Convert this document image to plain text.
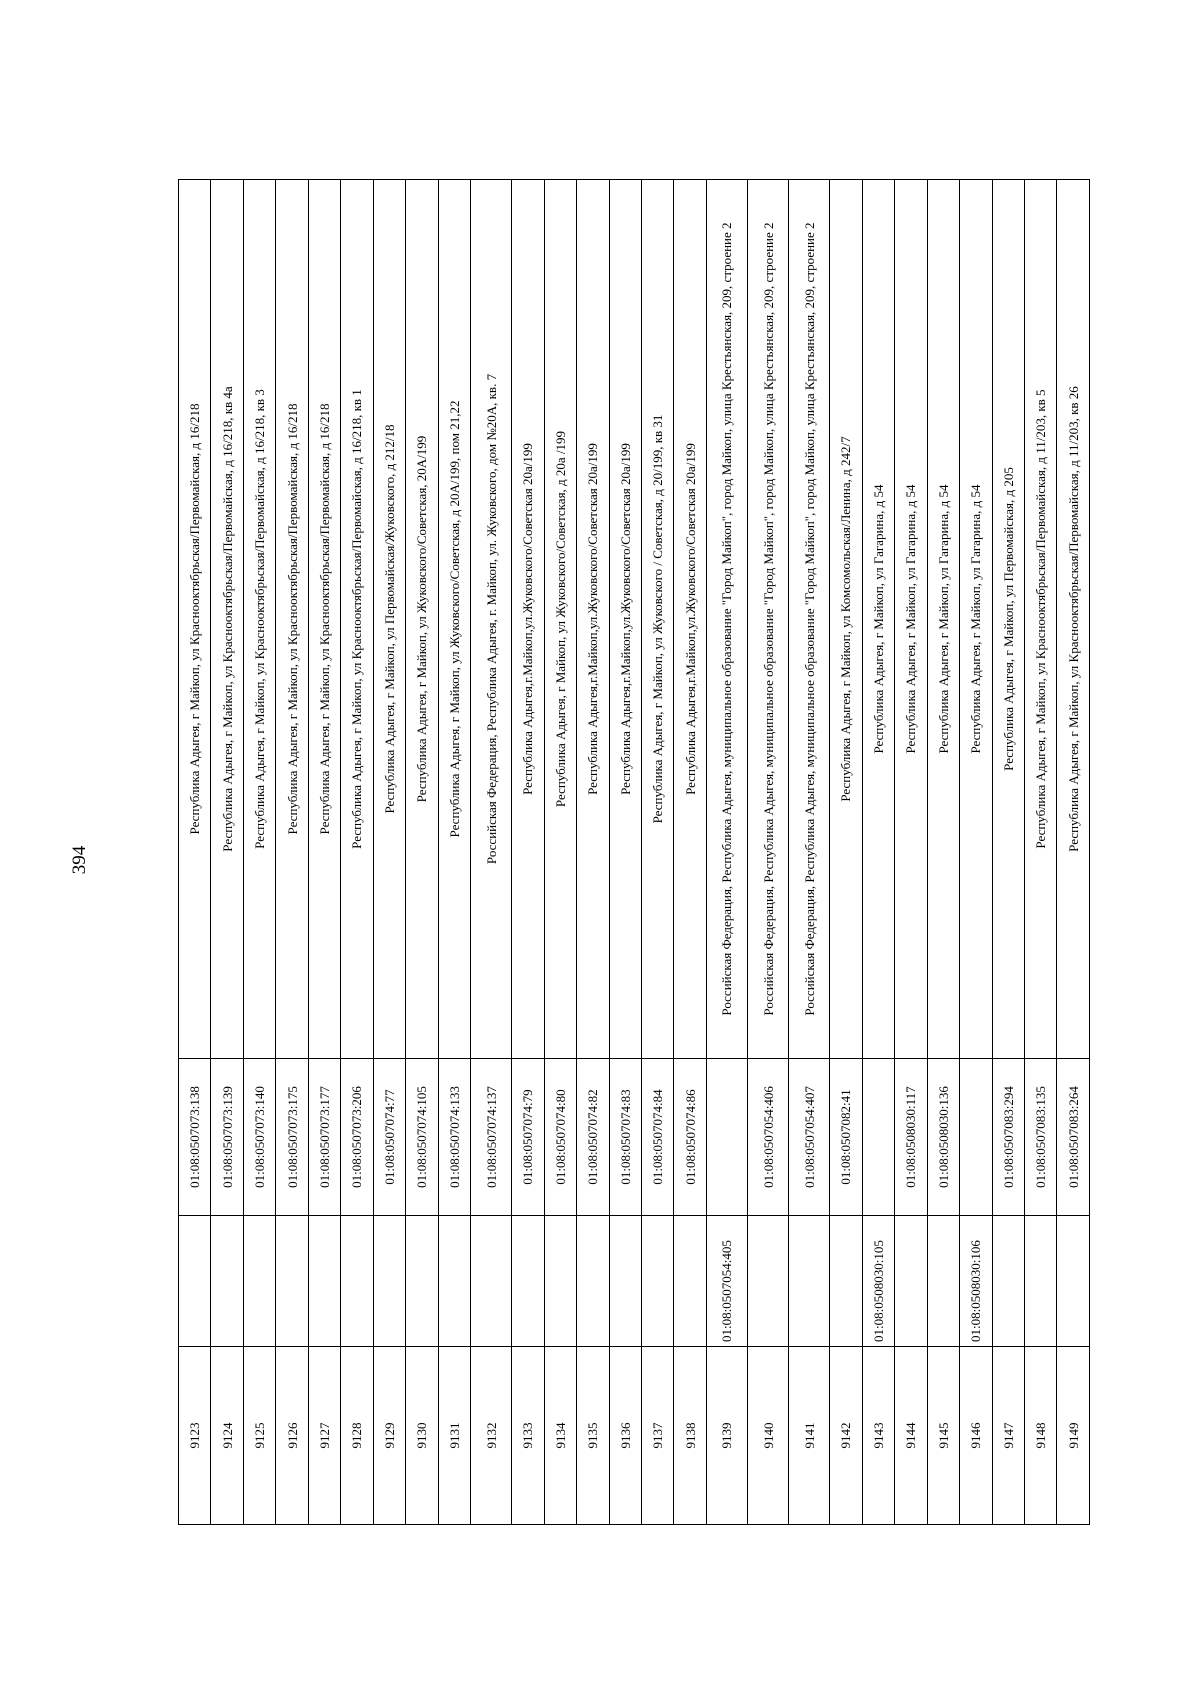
394
9123		01:08:0507073:138	Республика Адыгея, г Майкоп, ул Краснооктябрьская/Первомайская, д 16/218
9124		01:08:0507073:139	Республика Адыгея, г Майкоп, ул Краснооктябрьская/Первомайская, д 16/218, кв 4а
9125		01:08:0507073:140	Республика Адыгея, г Майкоп, ул Краснооктябрьская/Первомайская, д 16/218, кв 3
9126		01:08:0507073:175	Республика Адыгея, г Майкоп, ул Краснооктябрьская/Первомайская, д 16/218
9127		01:08:0507073:177	Республика Адыгея, г Майкоп, ул Краснооктябрьская/Первомайская, д 16/218
9128		01:08:0507073:206	Республика Адыгея, г Майкоп, ул Краснооктябрьская/Первомайская, д 16/218, кв 1
9129		01:08:0507074:77	Республика Адыгея, г Майкоп, ул Первомайская/Жуковского, д 212/18
9130		01:08:0507074:105	Республика Адыгея, г Майкоп, ул Жуковского/Советская, 20А/199
9131		01:08:0507074:133	Республика Адыгея, г Майкоп, ул Жуковского/Советская, д 20А/199, пом 21,22
9132		01:08:0507074:137	Российская Федерация, Республика Адыгея, г. Майкоп, ул. Жуковского, дом №20А, кв. 7
9133		01:08:0507074:79	Республика Адыгея,г.Майкоп,ул.Жуковского/Советская 20а/199
9134		01:08:0507074:80	Республика Адыгея, г Майкоп, ул Жуковского/Советская, д 20а /199
9135		01:08:0507074:82	Республика Адыгея,г.Майкоп,ул.Жуковского/Советская 20а/199
9136		01:08:0507074:83	Республика Адыгея,г.Майкоп,ул.Жуковского/Советская 20а/199
9137		01:08:0507074:84	Республика Адыгея, г Майкоп, ул Жуковского / Советская, д 20/199, кв 31
9138		01:08:0507074:86	Республика Адыгея,г.Майкоп,ул.Жуковского/Советская 20а/199
9139	01:08:0507054:405		Российская Федерация, Республика Адыгея, муниципальное образование "Город Майкоп", город Майкоп, улица Крестьянская, 209, строение 2
9140		01:08:0507054:406	Российская Федерация, Республика Адыгея, муниципальное образование "Город Майкоп", город Майкоп, улица Крестьянская, 209, строение 2
9141		01:08:0507054:407	Российская Федерация, Республика Адыгея, муниципальное образование "Город Майкоп", город Майкоп, улица Крестьянская, 209, строение 2
9142		01:08:0507082:41	Республика Адыгея, г Майкоп, ул Комсомольская/Ленина, д 242/7
9143	01:08:0508030:105		Республика Адыгея, г Майкоп, ул Гагарина, д 54
9144		01:08:0508030:117	Республика Адыгея, г Майкоп, ул Гагарина, д 54
9145		01:08:0508030:136	Республика Адыгея, г Майкоп, ул Гагарина, д 54
9146	01:08:0508030:106		Республика Адыгея, г Майкоп, ул Гагарина, д 54
9147		01:08:0507083:294	Республика Адыгея, г Майкоп, ул Первомайская, д 205
9148		01:08:0507083:135	Республика Адыгея, г Майкоп, ул Краснооктябрьская/Первомайская, д 11/203, кв 5
9149		01:08:0507083:264	Республика Адыгея, г Майкоп, ул Краснооктябрьская/Первомайская, д 11/203, кв 26
